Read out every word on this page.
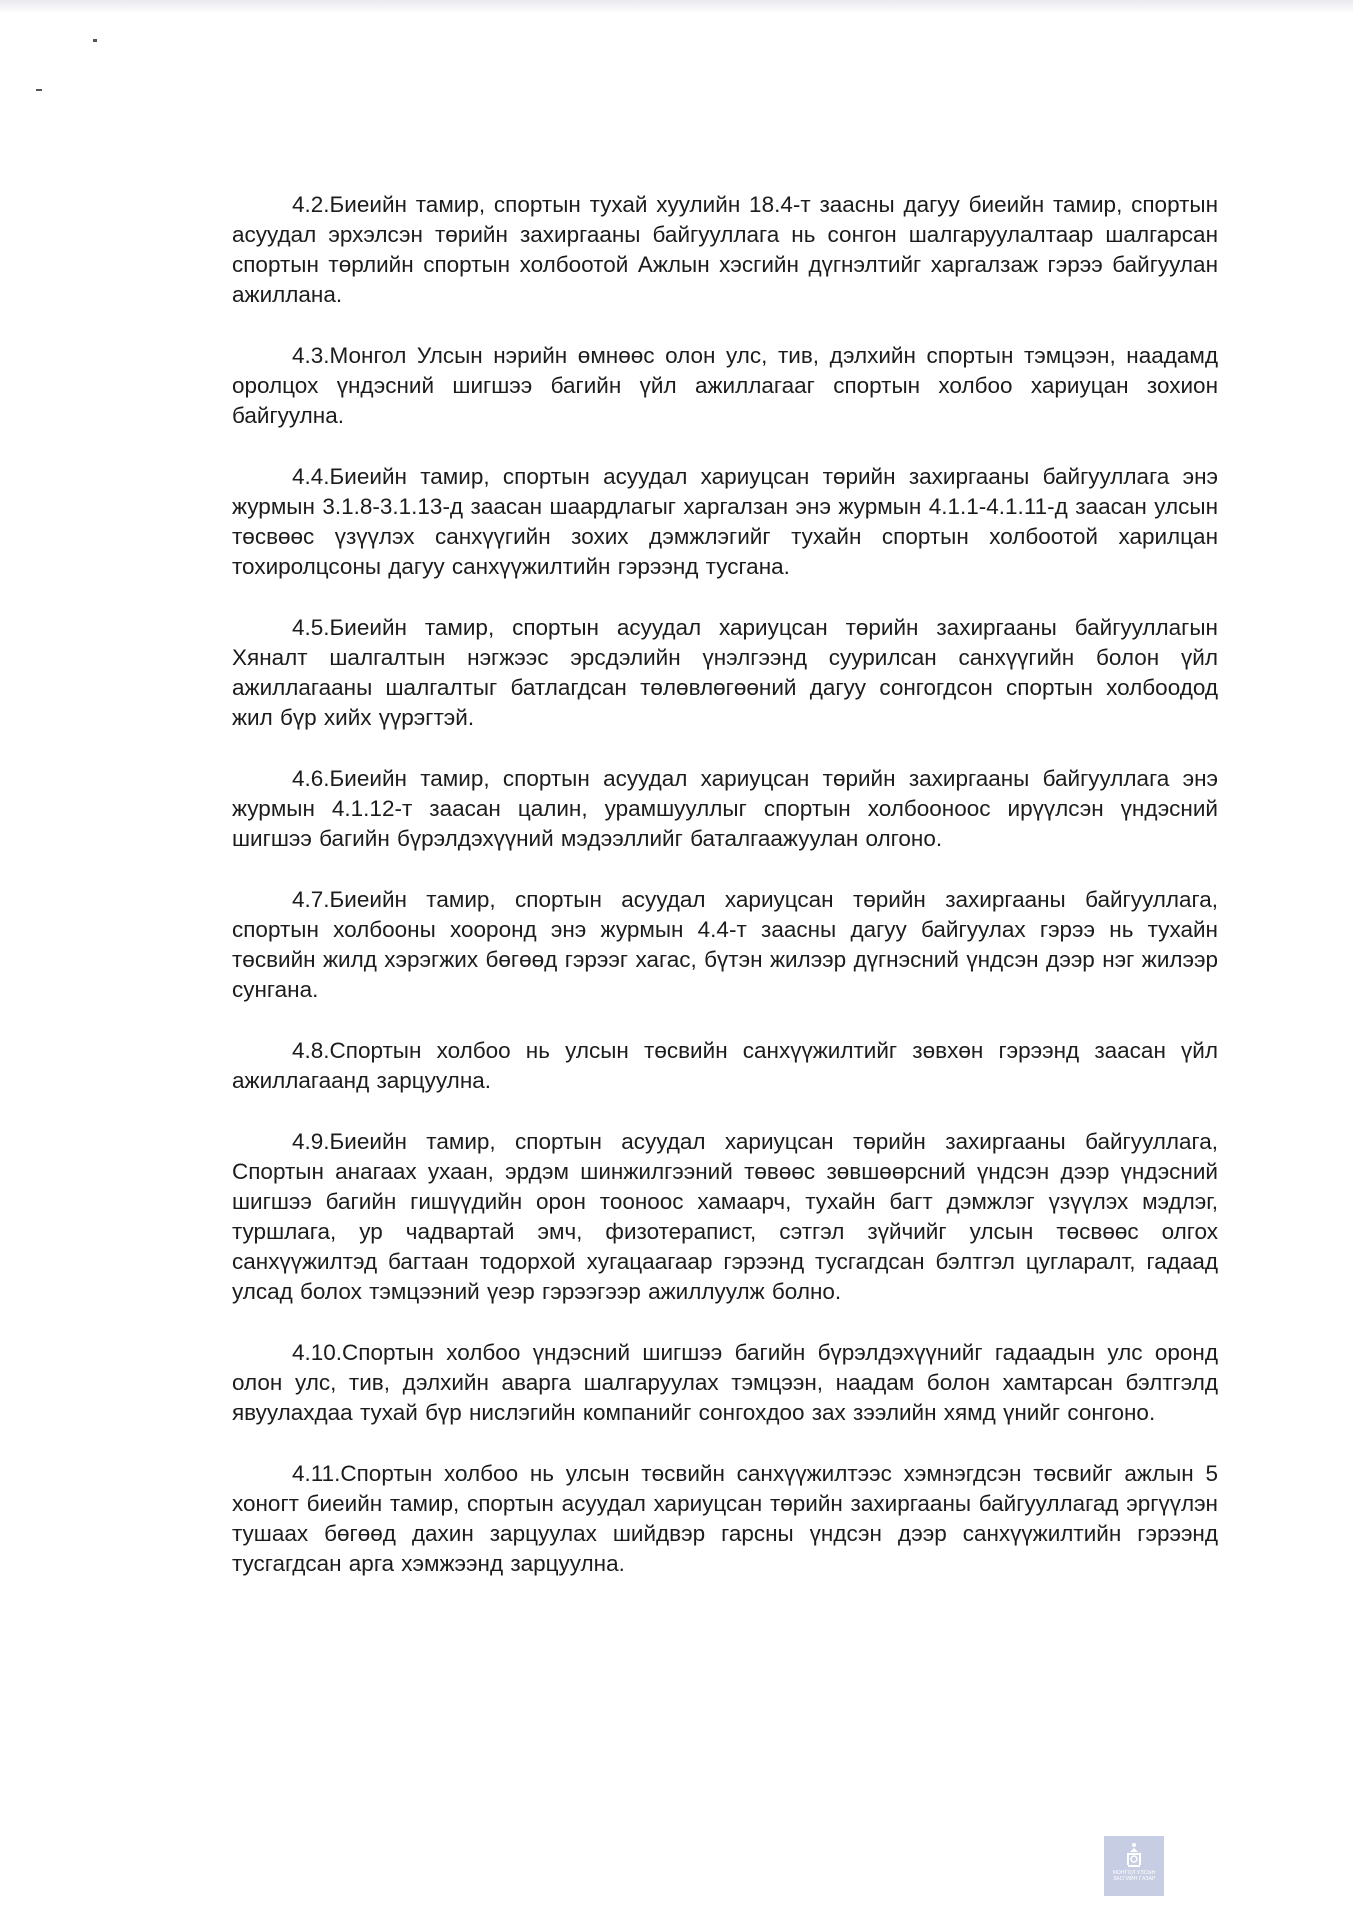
4.2.Биеийн тамир, спортын тухай хуулийн 18.4-т заасны дагуу биеийн тамир, спортын асуудал эрхэлсэн төрийн захиргааны байгууллага нь сонгон шалгаруулалтаар шалгарсан спортын төрлийн спортын холбоотой Ажлын хэсгийн дүгнэлтийг харгалзаж гэрээ байгуулан ажиллана.

4.3.Монгол Улсын нэрийн өмнөөс олон улс, тив, дэлхийн спортын тэмцээн, наадамд оролцох үндэсний шигшээ багийн үйл ажиллагааг спортын холбоо хариуцан зохион байгуулна.

4.4.Биеийн тамир, спортын асуудал хариуцсан төрийн захиргааны байгууллага энэ журмын 3.1.8-3.1.13-д заасан шаардлагыг харгалзан энэ журмын 4.1.1-4.1.11-д заасан улсын төсвөөс үзүүлэх санхүүгийн зохих дэмжлэгийг тухайн спортын холбоотой харилцан тохиролцсоны дагуу санхүүжилтийн гэрээнд тусгана.

4.5.Биеийн тамир, спортын асуудал хариуцсан төрийн захиргааны байгууллагын Хяналт шалгалтын нэгжээс эрсдэлийн үнэлгээнд суурилсан санхүүгийн болон үйл ажиллагааны шалгалтыг батлагдсан төлөвлөгөөний дагуу сонгогдсон спортын холбоодод жил бүр хийх үүрэгтэй.

4.6.Биеийн тамир, спортын асуудал хариуцсан төрийн захиргааны байгууллага энэ журмын 4.1.12-т заасан цалин, урамшууллыг спортын холбооноос ирүүлсэн үндэсний шигшээ багийн бүрэлдэхүүний мэдээллийг баталгаажуулан олгоно.

4.7.Биеийн тамир, спортын асуудал хариуцсан төрийн захиргааны байгууллага, спортын холбооны хооронд энэ журмын 4.4-т заасны дагуу байгуулах гэрээ нь тухайн төсвийн жилд хэрэгжих бөгөөд гэрээг хагас, бүтэн жилээр дүгнэсний үндсэн дээр нэг жилээр сунгана.

4.8.Спортын холбоо нь улсын төсвийн санхүүжилтийг зөвхөн гэрээнд заасан үйл ажиллагаанд зарцуулна.

4.9.Биеийн тамир, спортын асуудал хариуцсан төрийн захиргааны байгууллага, Спортын анагаах ухаан, эрдэм шинжилгээний төвөөс зөвшөөрсний үндсэн дээр үндэсний шигшээ багийн гишүүдийн орон тооноос хамаарч, тухайн багт дэмжлэг үзүүлэх мэдлэг, туршлага, ур чадвартай эмч, физотерапист, сэтгэл зүйчийг улсын төсвөөс олгох санхүүжилтэд багтаан тодорхой хугацаагаар гэрээнд тусгагдсан бэлтгэл цугларалт, гадаад улсад болох тэмцээний үеэр гэрээгээр ажиллуулж болно.

4.10.Спортын холбоо үндэсний шигшээ багийн бүрэлдэхүүнийг гадаадын улс оронд олон улс, тив, дэлхийн аварга шалгаруулах тэмцээн, наадам болон хамтарсан бэлтгэлд явуулахдаа тухай бүр нислэгийн компанийг сонгохдоо зах зээлийн хямд үнийг сонгоно.

4.11.Спортын холбоо нь улсын төсвийн санхүүжилтээс хэмнэгдсэн төсвийг ажлын 5 хоногт биеийн тамир, спортын асуудал хариуцсан төрийн захиргааны байгууллагад эргүүлэн тушаах бөгөөд дахин зарцуулах шийдвэр гарсны үндсэн дээр санхүүжилтийн гэрээнд тусгагдсан арга хэмжээнд зарцуулна.

МОНГОЛ УЛСЫН ЗАСГИЙН ГАЗАР
